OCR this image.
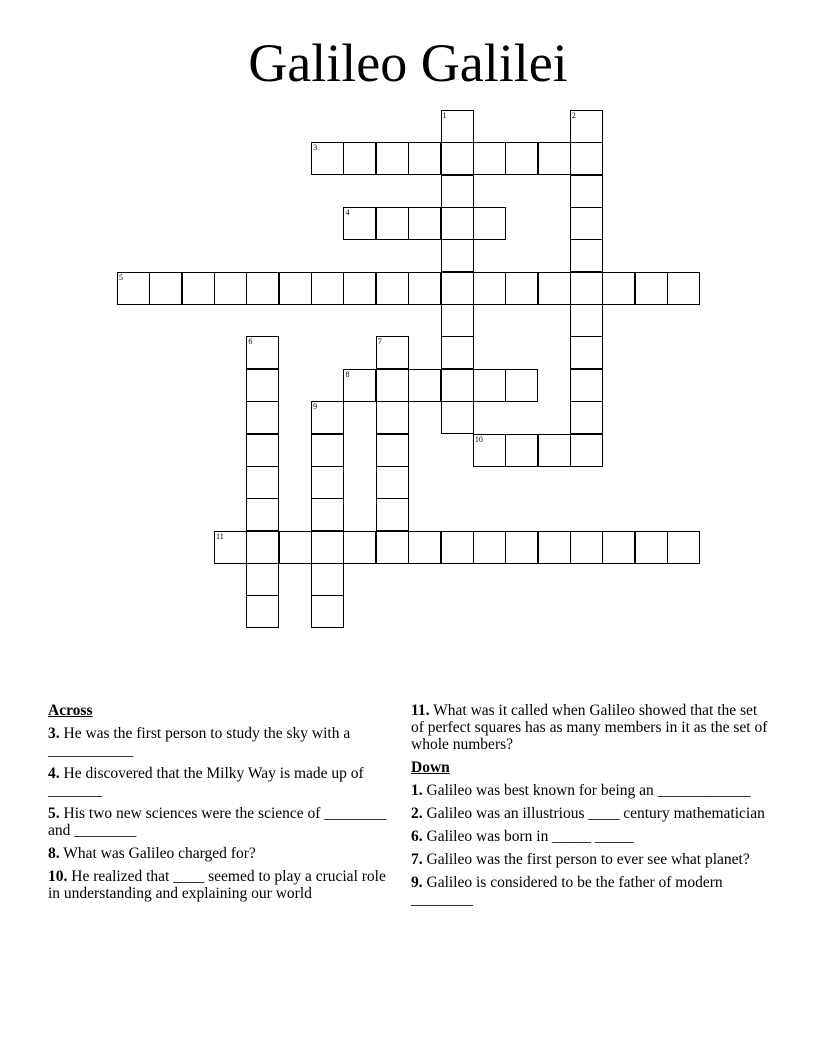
Galileo Galilei
1	2
3
4
5
6	7
8
9
10
11
Across
3. He was the first person to study the sky with a ___________
4. He discovered that the Milky Way is made up of _______
5. His two new sciences were the science of ________ and ________
8. What was Galileo charged for?
10. He realized that ____ seemed to play a crucial role in understanding and explaining our world
11. What was it called when Galileo showed that the set of perfect squares has as many members in it as the set of whole numbers?
Down
1. Galileo was best known for being an ____________
2. Galileo was an illustrious ____ century mathematician
6. Galileo was born in _____ _____
7. Galileo was the first person to ever see what planet?
9. Galileo is considered to be the father of modern ________
